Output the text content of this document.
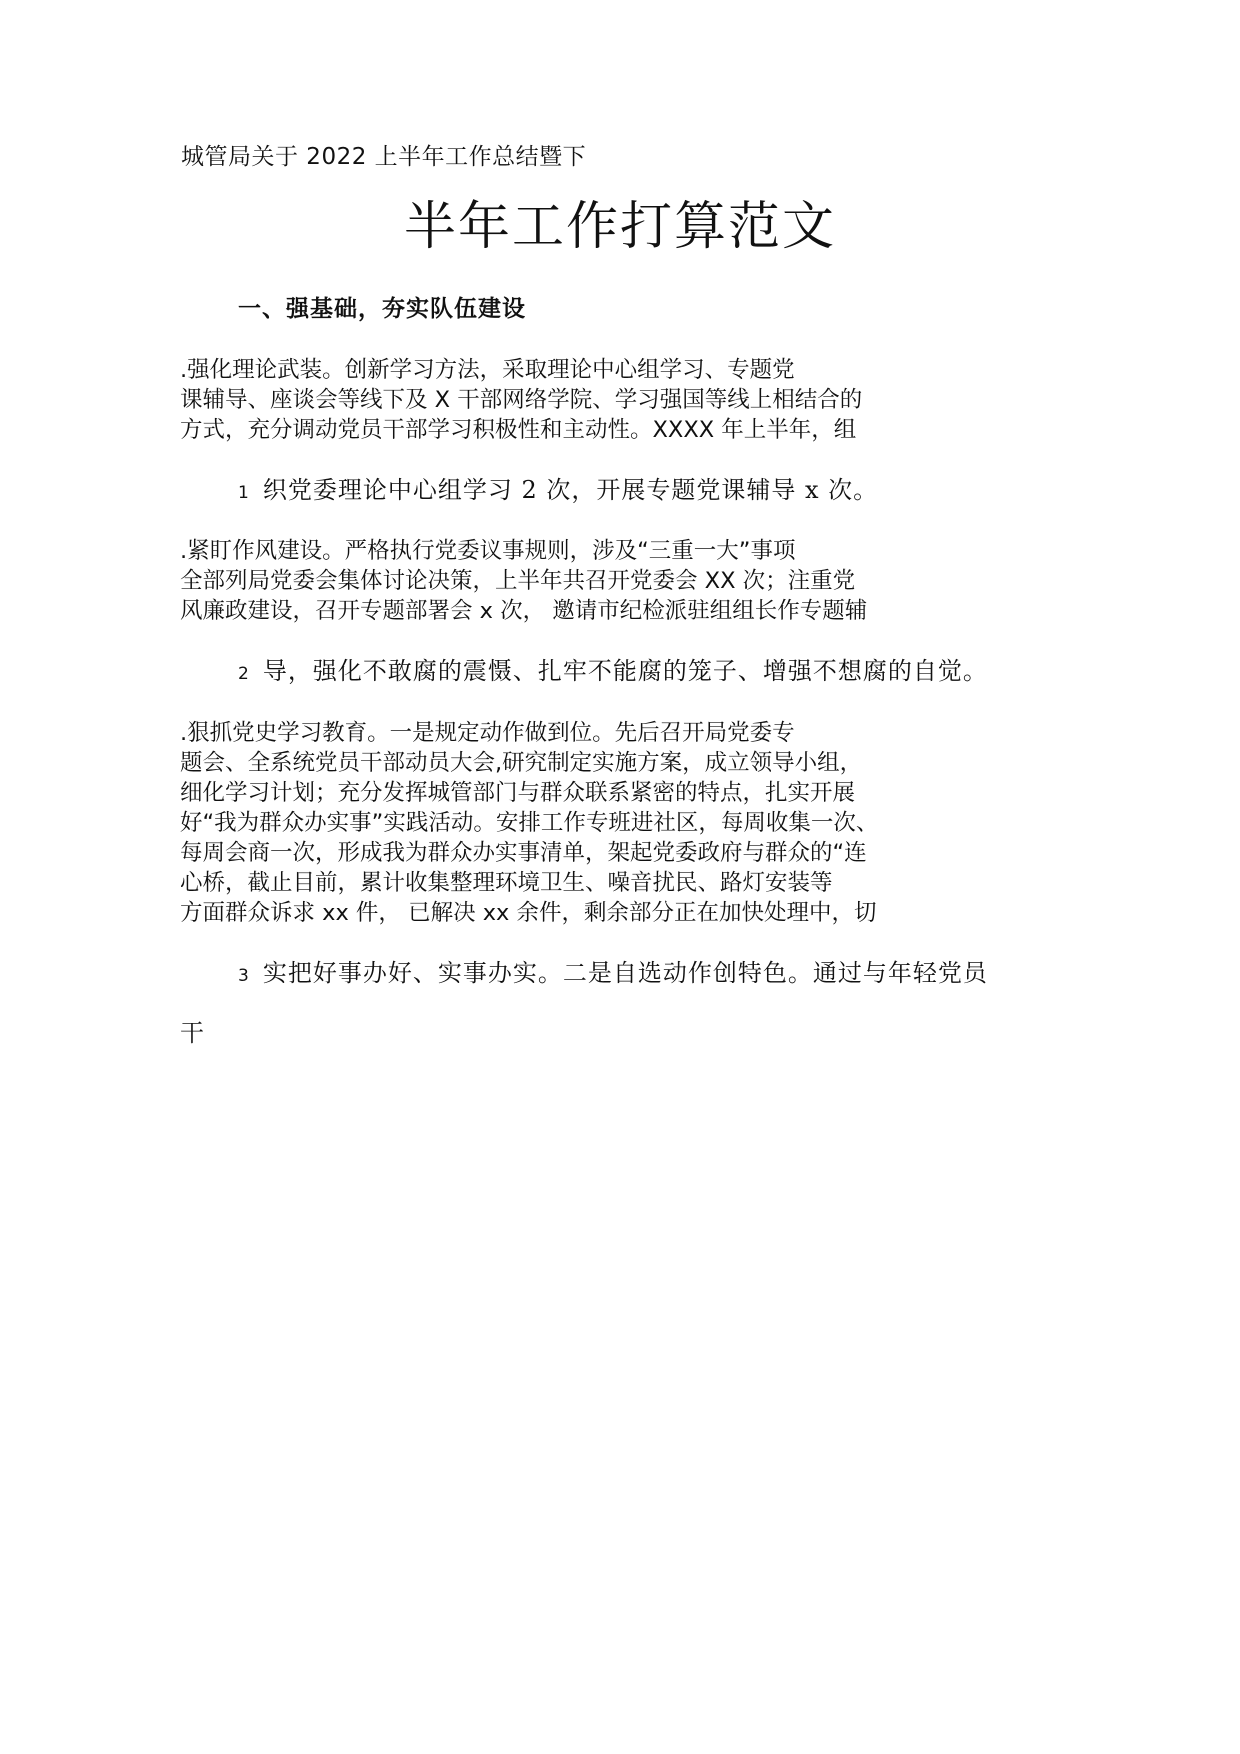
城管局关于 2022 上半年工作总结暨下

半年工作打算范文
一、强基础，夯实队伍建设

.强化理论武装。创新学习方法，采取理论中心组学习、专题党

课辅导、座谈会等线下及 X 干部网络学院、学习强国等线上相结合的

方式，充分调动党员干部学习积极性和主动性。XXXX 年上半年，组

1 织党委理论中心组学习 2 次，开展专题党课辅导 x 次。

.紧盯作风建设。严格执行党委议事规则，涉及“三重一大”事项

全部列局党委会集体讨论决策，上半年共召开党委会 XX 次；注重党

风廉政建设，召开专题部署会 x 次， 邀请市纪检派驻组组长作专题辅

2 导，强化不敢腐的震慑、扎牢不能腐的笼子、增强不想腐的自觉。

.狠抓党史学习教育。一是规定动作做到位。先后召开局党委专

题会、全系统党员干部动员大会,研究制定实施方案，成立领导小组，

细化学习计划；充分发挥城管部门与群众联系紧密的特点，扎实开展

好“我为群众办实事”实践活动。安排工作专班进社区，每周收集一次、

每周会商一次，形成我为群众办实事清单，架起党委政府与群众的“连

心桥，截止目前，累计收集整理环境卫生、噪音扰民、路灯安装等

方面群众诉求 xx 件， 已解决 xx 余件，剩余部分正在加快处理中，切

3 实把好事办好、实事办实。二是自选动作创特色。通过与年轻党员

干
